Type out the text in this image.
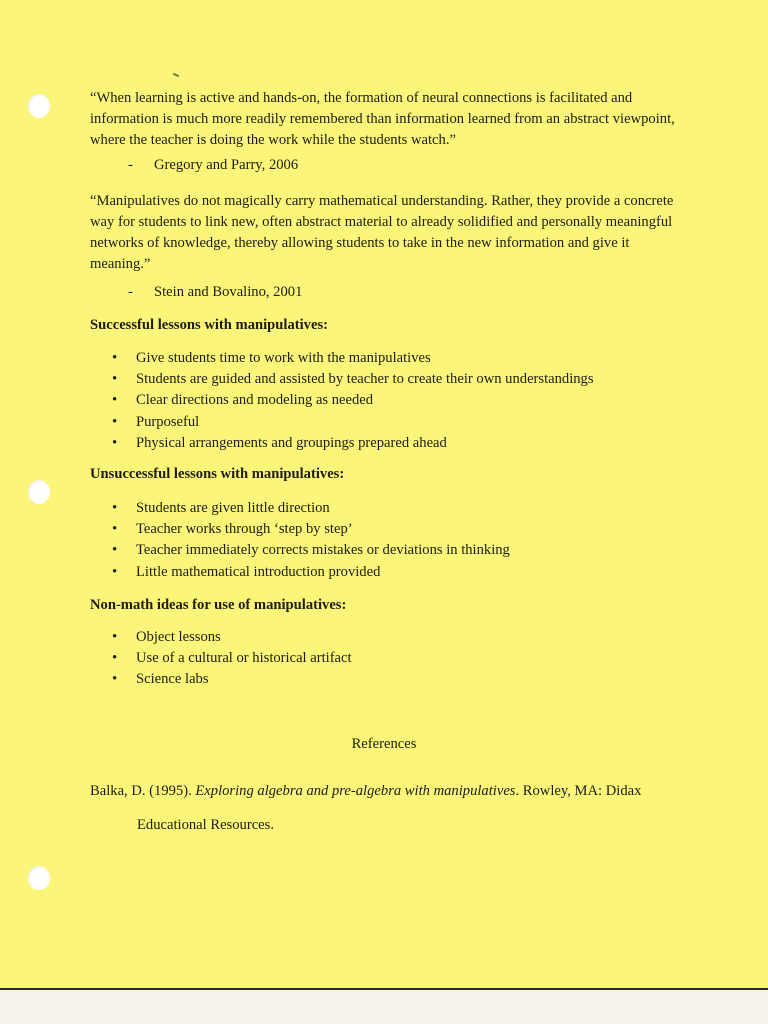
“When learning is active and hands-on, the formation of neural connections is facilitated and information is much more readily remembered than information learned from an abstract viewpoint, where the teacher is doing the work while the students watch.”
- Gregory and Parry, 2006
“Manipulatives do not magically carry mathematical understanding. Rather, they provide a concrete way for students to link new, often abstract material to already solidified and personally meaningful networks of knowledge, thereby allowing students to take in the new information and give it meaning.”
- Stein and Bovalino, 2001
Successful lessons with manipulatives:
• Give students time to work with the manipulatives
• Students are guided and assisted by teacher to create their own understandings
• Clear directions and modeling as needed
• Purposeful
• Physical arrangements and groupings prepared ahead
Unsuccessful lessons with manipulatives:
• Students are given little direction
• Teacher works through ‘step by step’
• Teacher immediately corrects mistakes or deviations in thinking
• Little mathematical introduction provided
Non-math ideas for use of manipulatives:
• Object lessons
• Use of a cultural or historical artifact
• Science labs
References
Balka, D. (1995). Exploring algebra and pre-algebra with manipulatives. Rowley, MA: Didax
Educational Resources.
